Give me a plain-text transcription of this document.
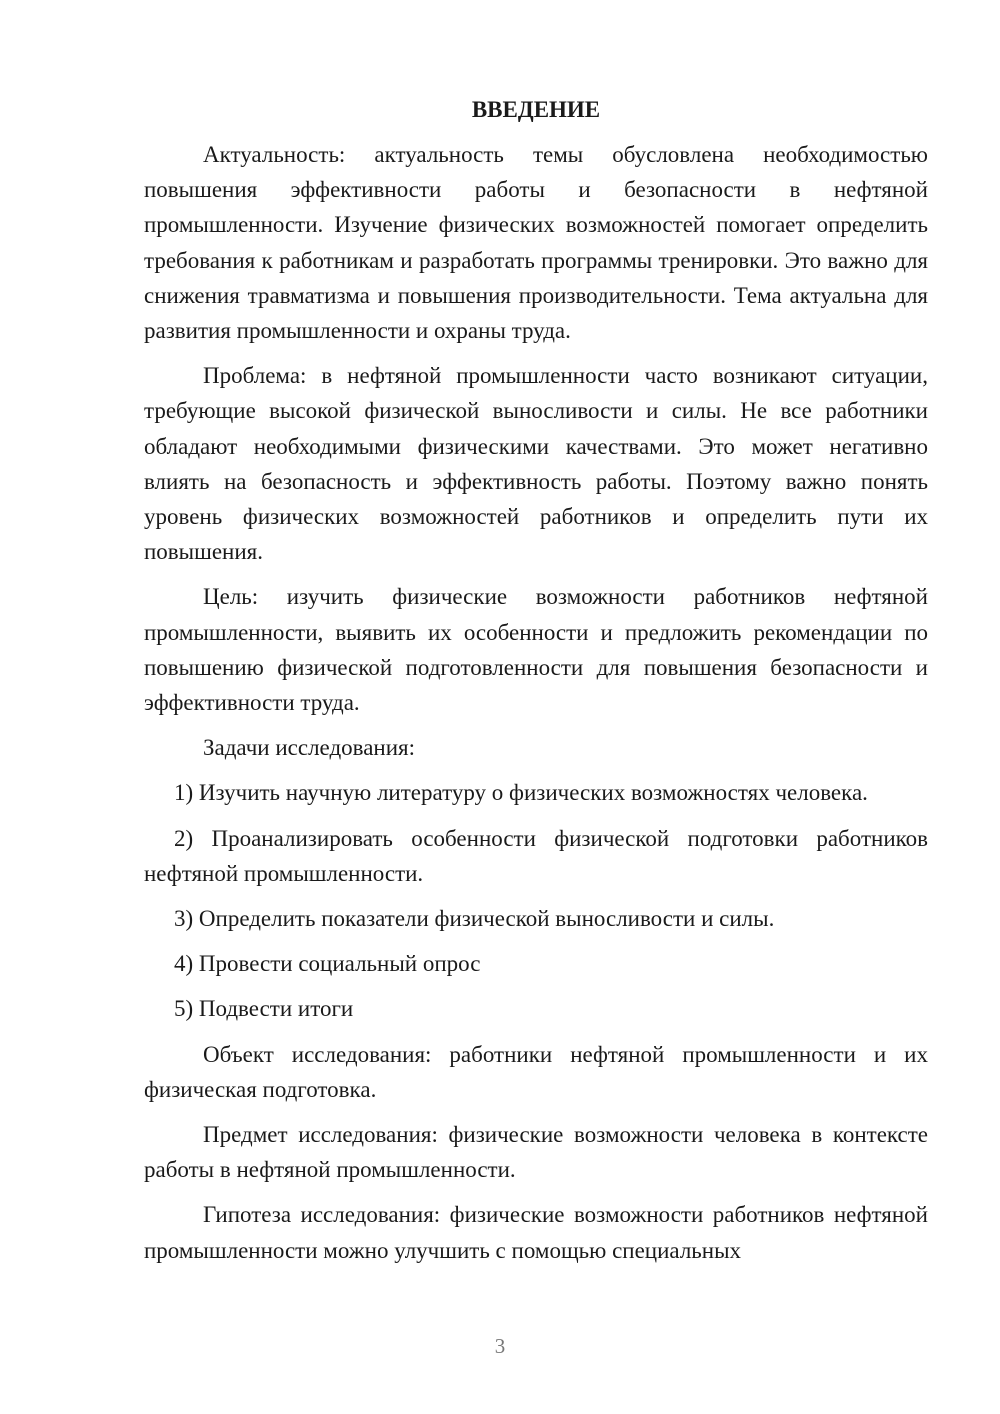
ВВЕДЕНИЕ

Актуальность: актуальность темы обусловлена необходимостью повышения эффективности работы и безопасности в нефтяной промышленности. Изучение физических возможностей помогает определить требования к работникам и разработать программы тренировки. Это важно для снижения травматизма и повышения производительности. Тема актуальна для развития промышленности и охраны труда.

Проблема: в нефтяной промышленности часто возникают ситуации, требующие высокой физической выносливости и силы. Не все работники обладают необходимыми физическими качествами. Это может негативно влиять на безопасность и эффективность работы. Поэтому важно понять уровень физических возможностей работников и определить пути их повышения.

Цель: изучить физические возможности работников нефтяной промышленности, выявить их особенности и предложить рекомендации по повышению физической подготовленности для повышения безопасности и эффективности труда.

Задачи исследования:

1) Изучить научную литературу о физических возможностях человека.

2) Проанализировать особенности физической подготовки работников нефтяной промышленности.

3) Определить показатели физической выносливости и силы.

4) Провести социальный опрос

5) Подвести итоги

Объект исследования: работники нефтяной промышленности и их физическая подготовка.

Предмет исследования: физические возможности человека в контексте работы в нефтяной промышленности.

Гипотеза исследования: физические возможности работников нефтяной промышленности можно улучшить с помощью специальных

3
